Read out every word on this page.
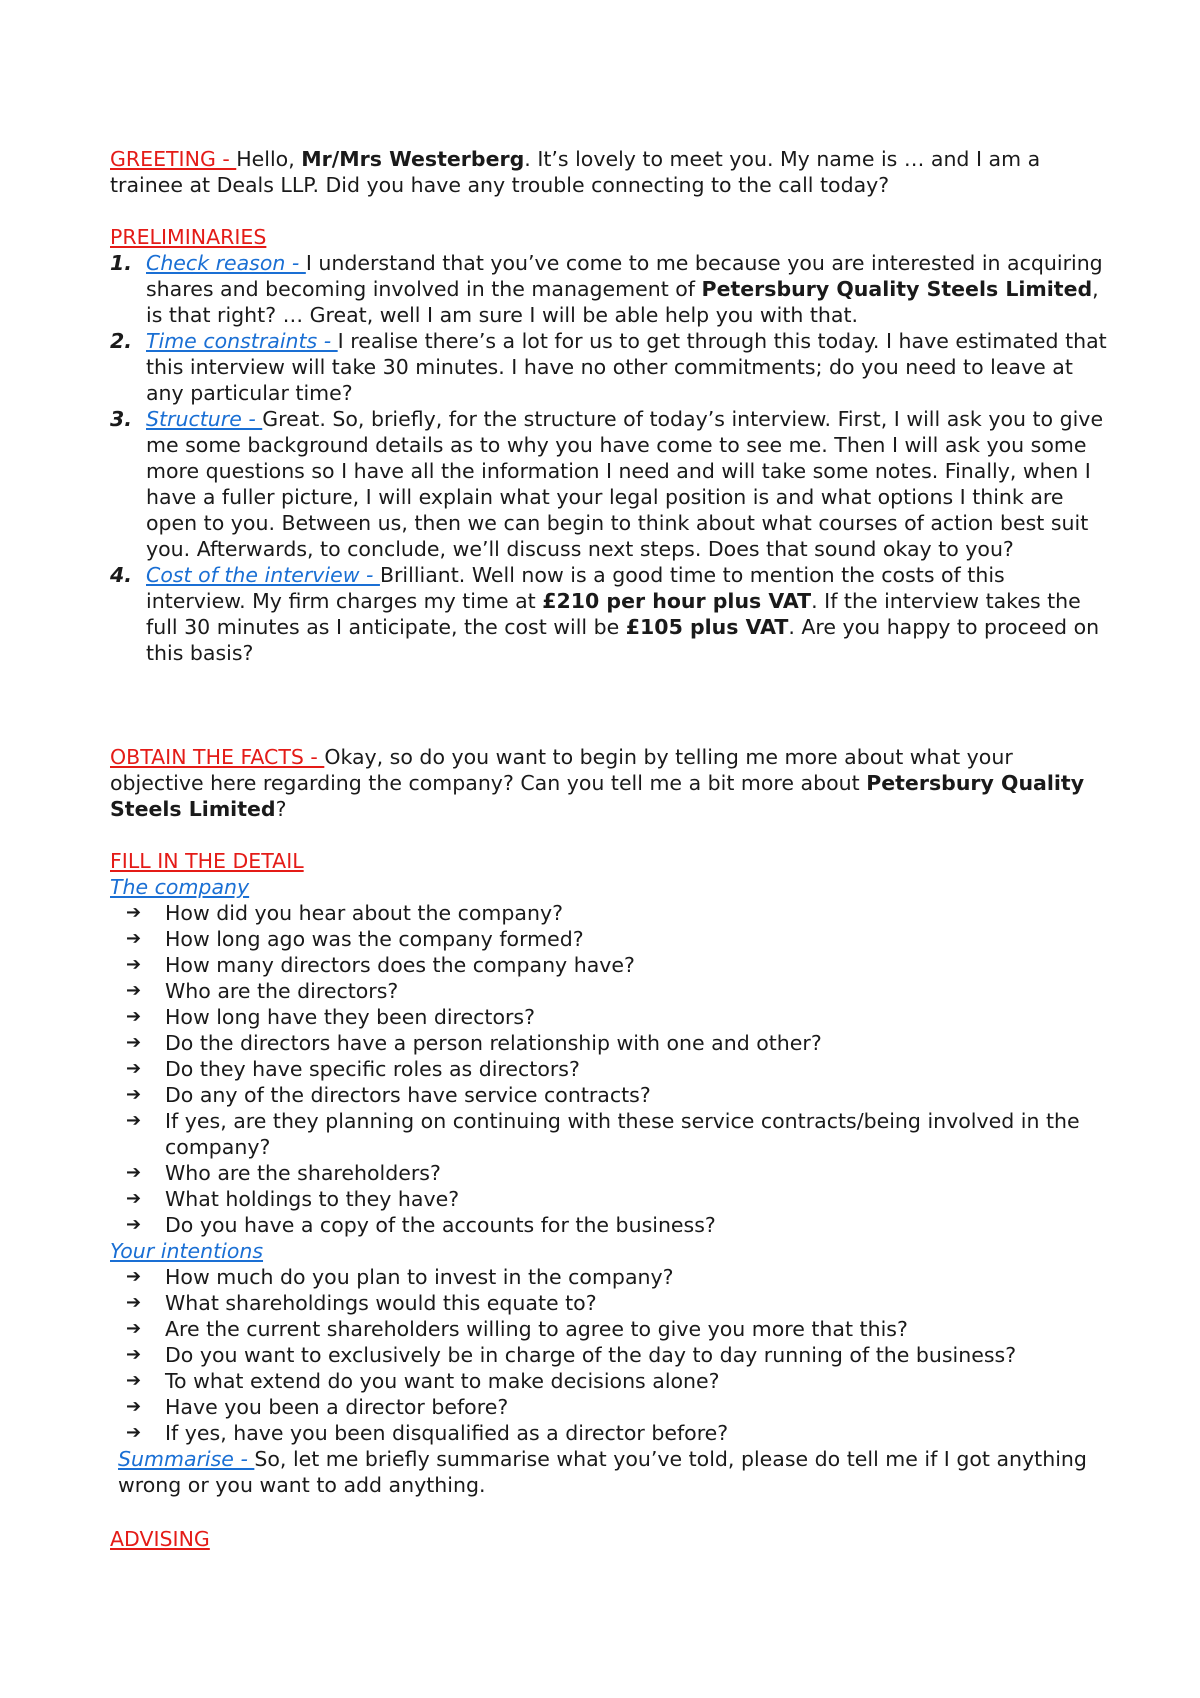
GREETING - Hello, Mr/Mrs Westerberg. It’s lovely to meet you. My name is … and I am a trainee at Deals LLP. Did you have any trouble connecting to the call today?

PRELIMINARIES

1. Check reason - I understand that you’ve come to me because you are interested in acquiring shares and becoming involved in the management of Petersbury Quality Steels Limited, is that right? … Great, well I am sure I will be able help you with that.
2. Time constraints - I realise there’s a lot for us to get through this today. I have estimated that this interview will take 30 minutes. I have no other commitments; do you need to leave at any particular time?
3. Structure - Great. So, briefly, for the structure of today’s interview. First, I will ask you to give me some background details as to why you have come to see me. Then I will ask you some more questions so I have all the information I need and will take some notes. Finally, when I have a fuller picture, I will explain what your legal position is and what options I think are open to you. Between us, then we can begin to think about what courses of action best suit you. Afterwards, to conclude, we’ll discuss next steps. Does that sound okay to you?
4. Cost of the interview - Brilliant. Well now is a good time to mention the costs of this interview. My firm charges my time at £210 per hour plus VAT. If the interview takes the full 30 minutes as I anticipate, the cost will be £105 plus VAT. Are you happy to proceed on this basis?

OBTAIN THE FACTS - Okay, so do you want to begin by telling me more about what your objective here regarding the company? Can you tell me a bit more about Petersbury Quality Steels Limited?

FILL IN THE DETAIL

The company

➔ How did you hear about the company?
➔ How long ago was the company formed?
➔ How many directors does the company have?
➔ Who are the directors?
➔ How long have they been directors?
➔ Do the directors have a person relationship with one and other?
➔ Do they have specific roles as directors?
➔ Do any of the directors have service contracts?
➔ If yes, are they planning on continuing with these service contracts/being involved in the company?
➔ Who are the shareholders?
➔ What holdings to they have?
➔ Do you have a copy of the accounts for the business?

Your intentions

➔ How much do you plan to invest in the company?
➔ What shareholdings would this equate to?
➔ Are the current shareholders willing to agree to give you more that this?
➔ Do you want to exclusively be in charge of the day to day running of the business?
➔ To what extend do you want to make decisions alone?
➔ Have you been a director before?
➔ If yes, have you been disqualified as a director before?

Summarise - So, let me briefly summarise what you’ve told, please do tell me if I got anything wrong or you want to add anything.

ADVISING
